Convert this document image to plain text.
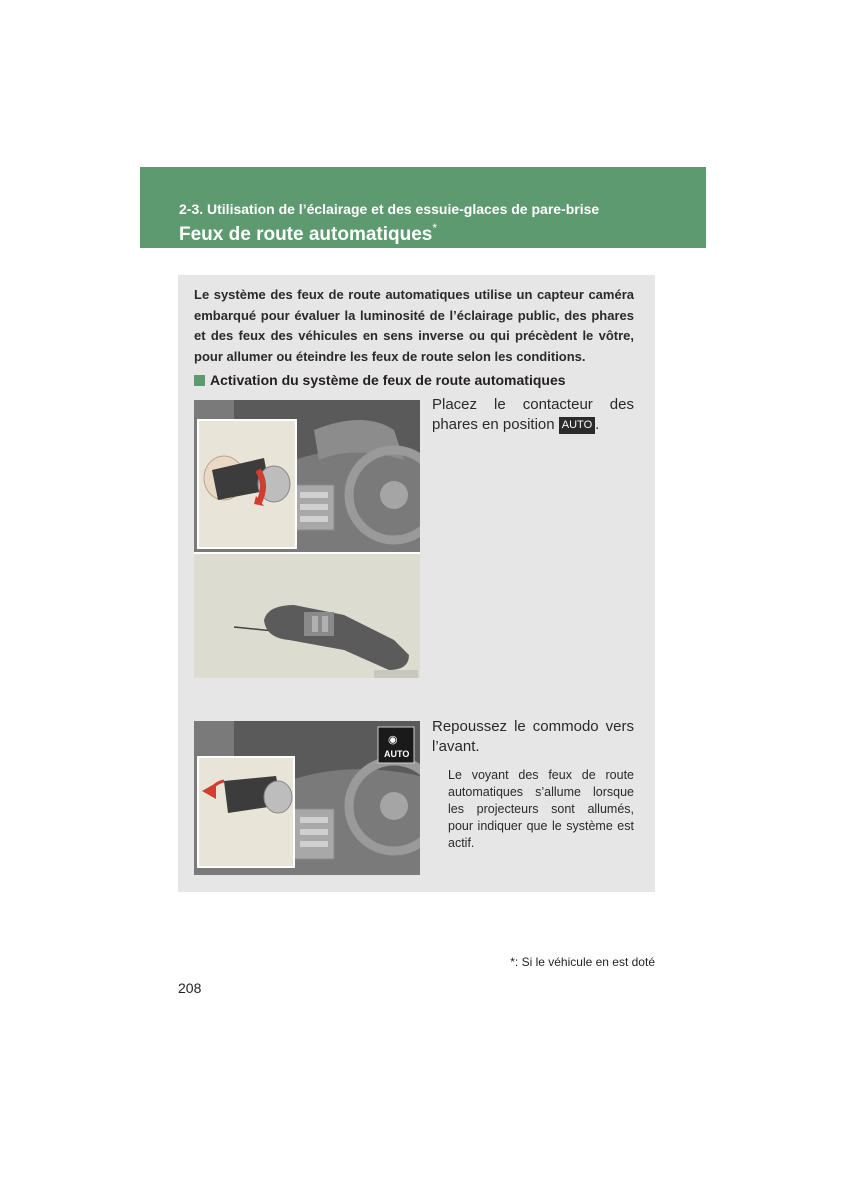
2-3. Utilisation de l’éclairage et des essuie-glaces de pare-brise
Feux de route automatiques*

Le système des feux de route automatiques utilise un capteur caméra embarqué pour évaluer la luminosité de l’éclairage public, des phares et des feux des véhicules en sens inverse ou qui précèdent le vôtre, pour allumer ou éteindre les feux de route selon les conditions.

Activation du système de feux de route automatiques
Placez le contacteur des phares en position AUTO .
AUTO
◉
Repoussez le commodo vers l’avant.
Le voyant des feux de route automatiques s’allume lorsque les projecteurs sont allumés, pour indiquer que le système est actif.
*: Si le véhicule en est doté
208
